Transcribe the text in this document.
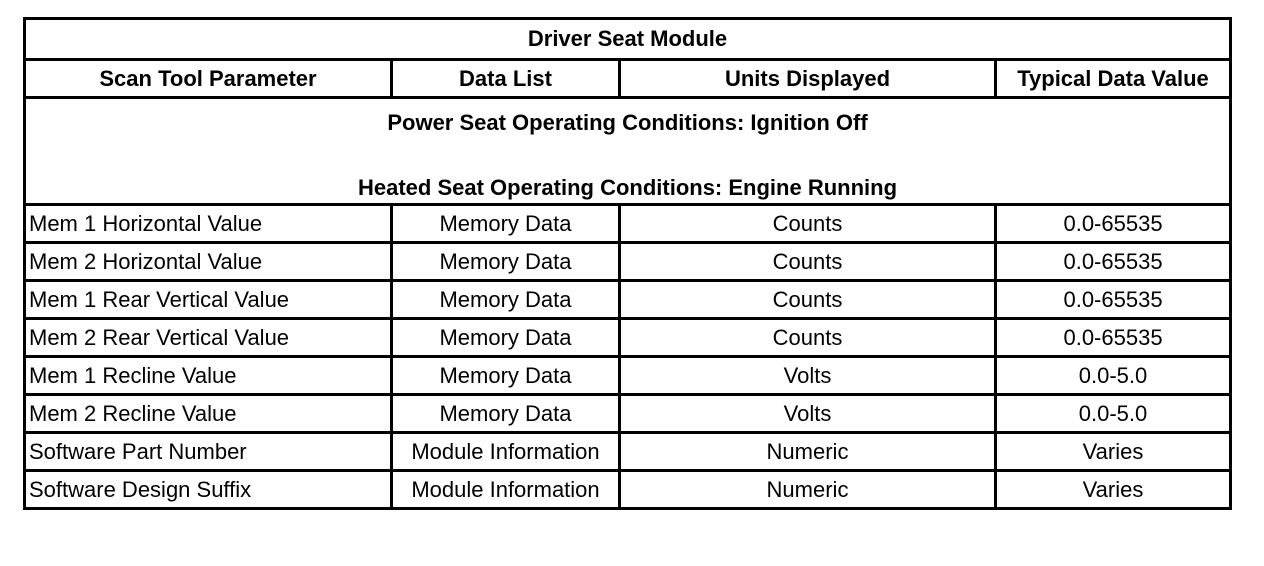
Driver Seat Module			
Scan Tool Parameter	Data List	Units Displayed	Typical Data Value

Power Seat Operating Conditions: Ignition Off
Heated Seat Operating Conditions: Engine Running			

Mem 1 Horizontal Value	Memory Data	Counts	0.0-65535
Mem 2 Horizontal Value	Memory Data	Counts	0.0-65535
Mem 1 Rear Vertical Value	Memory Data	Counts	0.0-65535
Mem 2 Rear Vertical Value	Memory Data	Counts	0.0-65535
Mem 1 Recline Value	Memory Data	Volts	0.0-5.0
Mem 2 Recline Value	Memory Data	Volts	0.0-5.0
Software Part Number	Module Information	Numeric	Varies
Software Design Suffix	Module Information	Numeric	Varies
